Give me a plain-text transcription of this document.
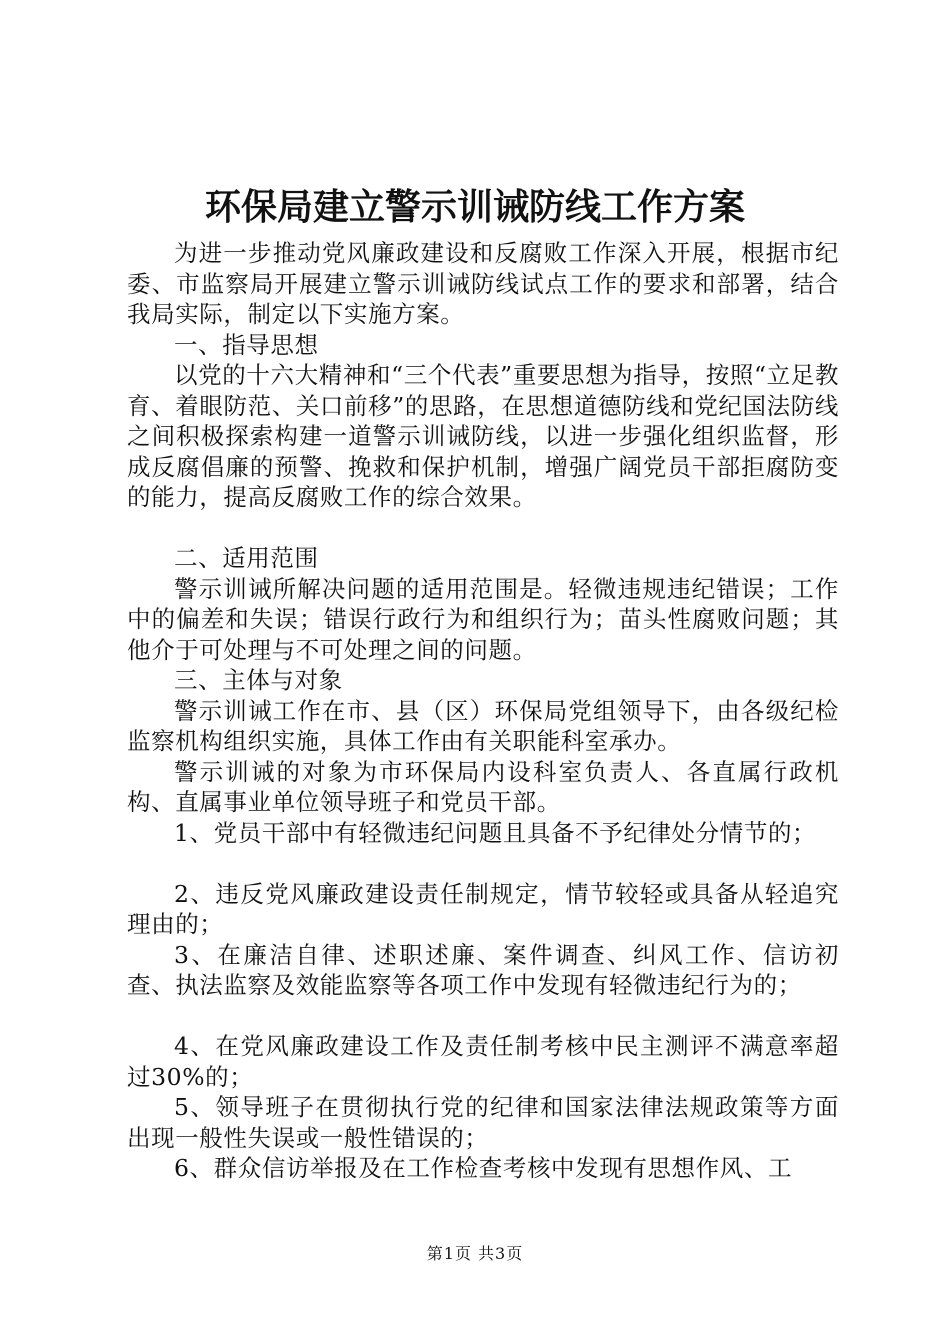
环保局建立警示训诫防线工作方案

为进一步推动党风廉政建设和反腐败工作深入开展，根据市纪委、市监察局开展建立警示训诫防线试点工作的要求和部署，结合我局实际，制定以下实施方案。

一、指导思想

以党的十六大精神和“三个代表”重要思想为指导，按照“立足教育、着眼防范、关口前移”的思路，在思想道德防线和党纪国法防线之间积极探索构建一道警示训诫防线，以进一步强化组织监督，形成反腐倡廉的预警、挽救和保护机制，增强广阔党员干部拒腐防变的能力，提高反腐败工作的综合效果。

二、适用范围

警示训诫所解决问题的适用范围是。轻微违规违纪错误；工作中的偏差和失误；错误行政行为和组织行为；苗头性腐败问题；其他介于可处理与不可处理之间的问题。

三、主体与对象

警示训诫工作在市、县（区）环保局党组领导下，由各级纪检监察机构组织实施，具体工作由有关职能科室承办。

警示训诫的对象为市环保局内设科室负责人、各直属行政机构、直属事业单位领导班子和党员干部。

1、党员干部中有轻微违纪问题且具备不予纪律处分情节的；

2、违反党风廉政建设责任制规定，情节较轻或具备从轻追究理由的；

3、在廉洁自律、述职述廉、案件调查、纠风工作、信访初查、执法监察及效能监察等各项工作中发现有轻微违纪行为的；

4、在党风廉政建设工作及责任制考核中民主测评不满意率超过30%的；

5、领导班子在贯彻执行党的纪律和国家法律法规政策等方面出现一般性失误或一般性错误的；

6、群众信访举报及在工作检查考核中发现有思想作风、工

第1页 共3页
